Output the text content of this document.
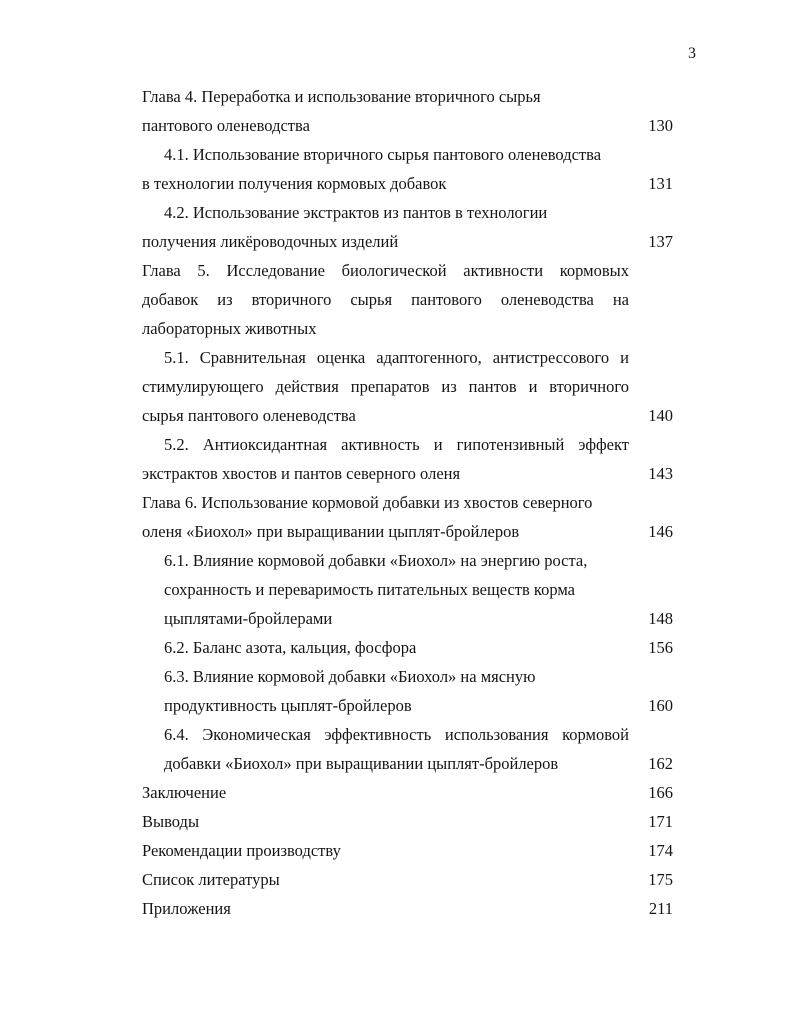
3
Глава 4. Переработка и использование вторичного сырья
пантового оленеводства	130
4.1. Использование вторичного сырья пантового оленеводства
в технологии получения кормовых добавок	131
4.2. Использование экстрактов из пантов в технологии
получения ликёроводочных изделий	137
Глава 5. Исследование биологической активности кормовых
добавок из вторичного сырья пантового оленеводства на
лабораторных животных
5.1. Сравнительная оценка адаптогенного, антистрессового и
стимулирующего действия препаратов из пантов и вторичного
сырья пантового оленеводства	140
5.2. Антиоксидантная активность и гипотензивный эффект
экстрактов хвостов и пантов северного оленя	143
Глава 6. Использование кормовой добавки из хвостов северного
оленя «Биохол» при выращивании цыплят-бройлеров	146
6.1. Влияние кормовой добавки «Биохол» на энергию роста,
сохранность и переваримость питательных веществ корма
цыплятами-бройлерами	148
6.2. Баланс азота, кальция, фосфора	156
6.3. Влияние кормовой добавки «Биохол» на мясную
продуктивность цыплят-бройлеров	160
6.4. Экономическая эффективность использования кормовой
добавки «Биохол» при выращивании цыплят-бройлеров	162
Заключение	166
Выводы	171
Рекомендации производству	174
Список литературы	175
Приложения	211
